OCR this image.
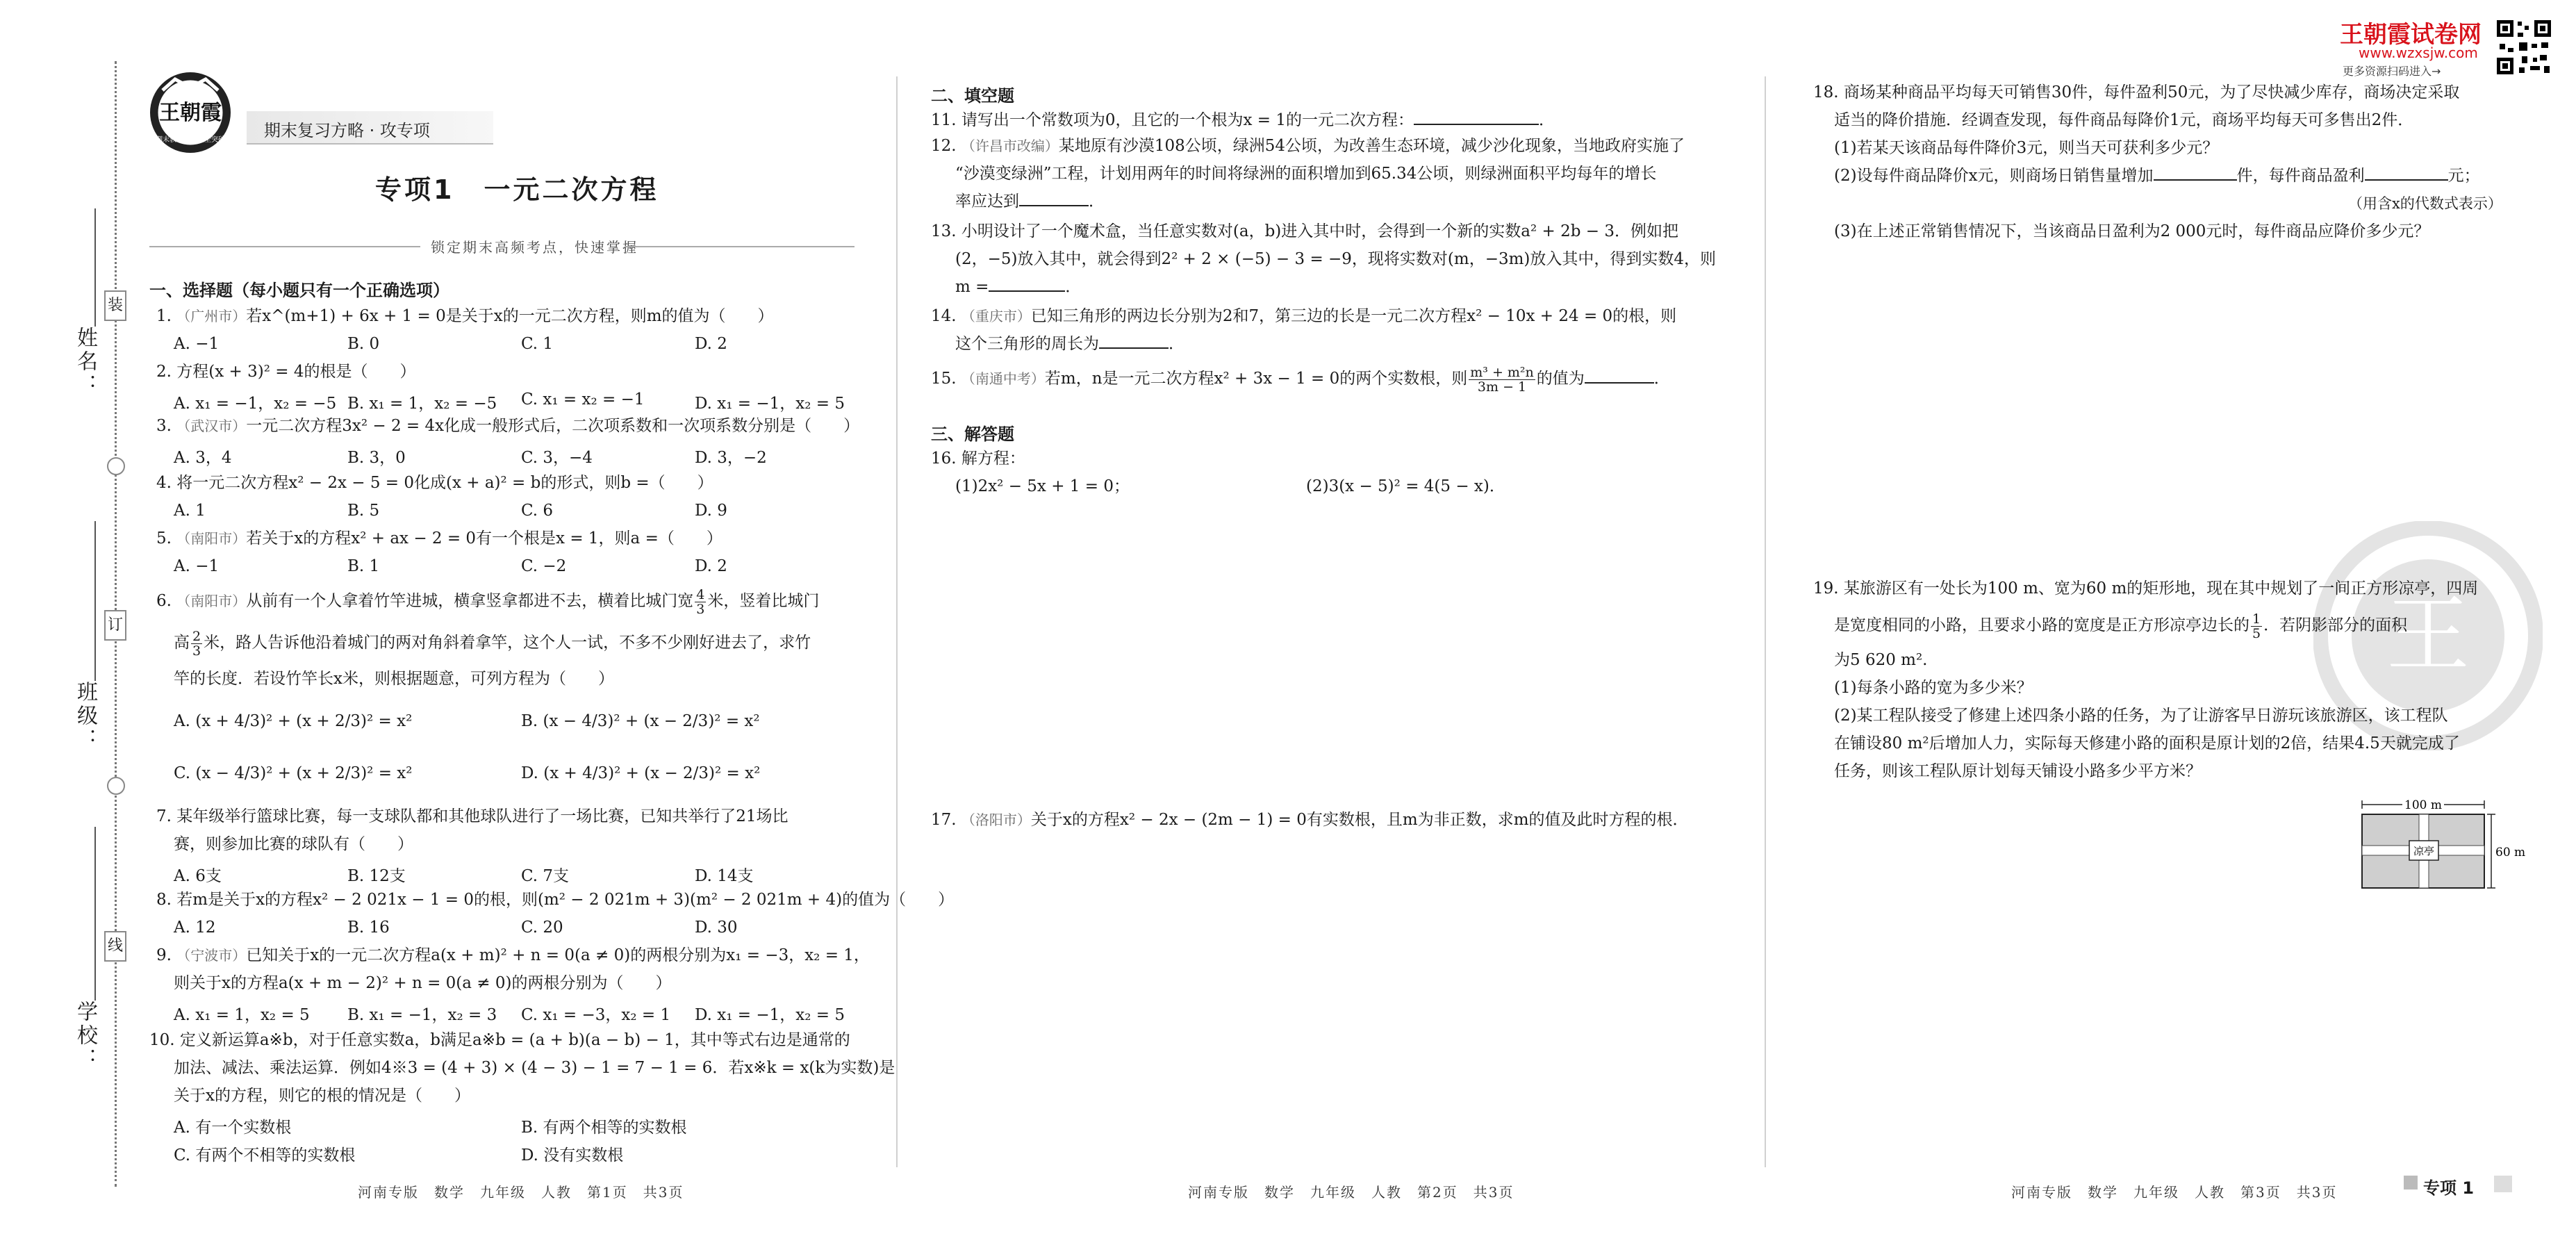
姓名：
班级：
学校：
装
订
线
王朝霞
期末教学　考点全突破 期末复习方略 · 攻专项
专项1　一元二次方程
锁定期末高频考点，快速掌握
一、选择题（每小题只有一个正确选项）
1. （广州市）若x^(m+1) + 6x + 1 = 0是关于x的一元二次方程，则m的值为（　　）
A. −1	B. 0	C. 1	D. 2
2. 方程(x + 3)² = 4的根是（　　）
A. x₁ = −1，x₂ = −5 B. x₁ = 1，x₂ = −5 C. x₁ = x₂ = −1	D. x₁ = −1，x₂ = 5
3. （武汉市）一元二次方程3x² − 2 = 4x化成一般形式后，二次项系数和一次项系数分别是（　　）
A. 3，4	B. 3，0	C. 3，−4	D. 3，−2
4. 将一元二次方程x² − 2x − 5 = 0化成(x + a)² = b的形式，则b =（　　）
A. 1	B. 5	C. 6	D. 9
5. （南阳市）若关于x的方程x² + ax − 2 = 0有一个根是x = 1，则a =（　　）
A. −1	B. 1	C. −2	D. 2
6. （南阳市）从前有一个人拿着竹竿进城，横拿竖拿都进不去，横着比城门宽 $\frac{4}{3}$ 米，竖着比城门
高 $\frac{2}{3}$ 米，路人告诉他沿着城门的两对角斜着拿竿，这个人一试，不多不少刚好进去了，求竹
竿的长度．若设竹竿长x米，则根据题意，可列方程为（　　）
A. (x + 4/3)² + (x + 2/3)² = x²	B. (x − 4/3)² + (x − 2/3)² = x²
C. (x − 4/3)² + (x + 2/3)² = x²	D. (x + 4/3)² + (x − 2/3)² = x²
7. 某年级举行篮球比赛，每一支球队都和其他球队进行了一场比赛，已知共举行了21场比
赛，则参加比赛的球队有（　　）
A. 6支	B. 12支	C. 7支	D. 14支
8. 若m是关于x的方程x² − 2 021x − 1 = 0的根，则(m² − 2 021m + 3)(m² − 2 021m + 4)的值为（　　）
A. 12	B. 16	C. 20	D. 30
9. （宁波市）已知关于x的一元二次方程a(x + m)² + n = 0(a ≠ 0)的两根分别为x₁ = −3，x₂ = 1，
则关于x的方程a(x + m − 2)² + n = 0(a ≠ 0)的两根分别为（　　）
A. x₁ = 1，x₂ = 5 B. x₁ = −1，x₂ = 3 C. x₁ = −3，x₂ = 1 D. x₁ = −1，x₂ = 5
10. 定义新运算a※b，对于任意实数a，b满足a※b = (a + b)(a − b) − 1，其中等式右边是通常的
加法、减法、乘法运算．例如4※3 = (4 + 3) × (4 − 3) − 1 = 7 − 1 = 6．若x※k = x(k为实数)是
关于x的方程，则它的根的情况是（　　）
A. 有一个实数根	B. 有两个相等的实数根
C. 有两个不相等的实数根	D. 没有实数根
河南专版　数学　九年级　人教　第1页　共3页
二、填空题
11. 请写出一个常数项为0，且它的一个根为x = 1的一元二次方程：	．
12. （许昌市改编）某地原有沙漠108公顷，绿洲54公顷，为改善生态环境，减少沙化现象，当地政府实施了
“沙漠变绿洲”工程，计划用两年的时间将绿洲的面积增加到65.34公顷，则绿洲面积平均每年的增长
率应达到	．
13. 小明设计了一个魔术盒，当任意实数对(a，b)进入其中时，会得到一个新的实数a² + 2b − 3．例如把
(2，−5)放入其中，就会得到2² + 2 × (−5) − 3 = −9，现将实数对(m，−3m)放入其中，得到实数4，则
m =	．
14. （重庆市）已知三角形的两边长分别为2和7，第三边的长是一元二次方程x² − 10x + 24 = 0的根，则
这个三角形的周长为	．
15. （南通中考）若m，n是一元二次方程x² + 3x − 1 = 0的两个实数根，则 $\frac{\text{m³ + m²n}}{3m - 1}$ 的值为	．
三、解答题
16. 解方程：
(1)2x² − 5x + 1 = 0；	(2)3(x − 5)² = 4(5 − x)．
17. （洛阳市）关于x的方程x² − 2x − (2m − 1) = 0有实数根，且m为非正数，求m的值及此时方程的根．
河南专版　数学　九年级　人教　第2页　共3页
王朝霞试卷网
www.wzxsjw.com
更多资源扫码进入→
王
18. 商场某种商品平均每天可销售30件，每件盈利50元，为了尽快减少库存，商场决定采取
适当的降价措施．经调查发现，每件商品每降价1元，商场平均每天可多售出2件．
(1)若某天该商品每件降价3元，则当天可获利多少元？
(2)设每件商品降价x元，则商场日销售量增加	件，每件商品盈利	元；
（用含x的代数式表示）
(3)在上述正常销售情况下，当该商品日盈利为2 000元时，每件商品应降价多少元？
19. 某旅游区有一处长为100 m、宽为60 m的矩形地，现在其中规划了一间正方形凉亭，四周
是宽度相同的小路，且要求小路的宽度是正方形凉亭边长的 $\frac{1}{5}$ ．若阴影部分的面积
为5 620 m².
(1)每条小路的宽为多少米？
(2)某工程队接受了修建上述四条小路的任务，为了让游客早日游玩该旅游区，该工程队
在铺设80 m²后增加人力，实际每天修建小路的面积是原计划的2倍，结果4.5天就完成了
任务，则该工程队原计划每天铺设小路多少平方米？
100 m
凉亭	60 m
河南专版　数学　九年级　人教　第3页　共3页	专项 1
